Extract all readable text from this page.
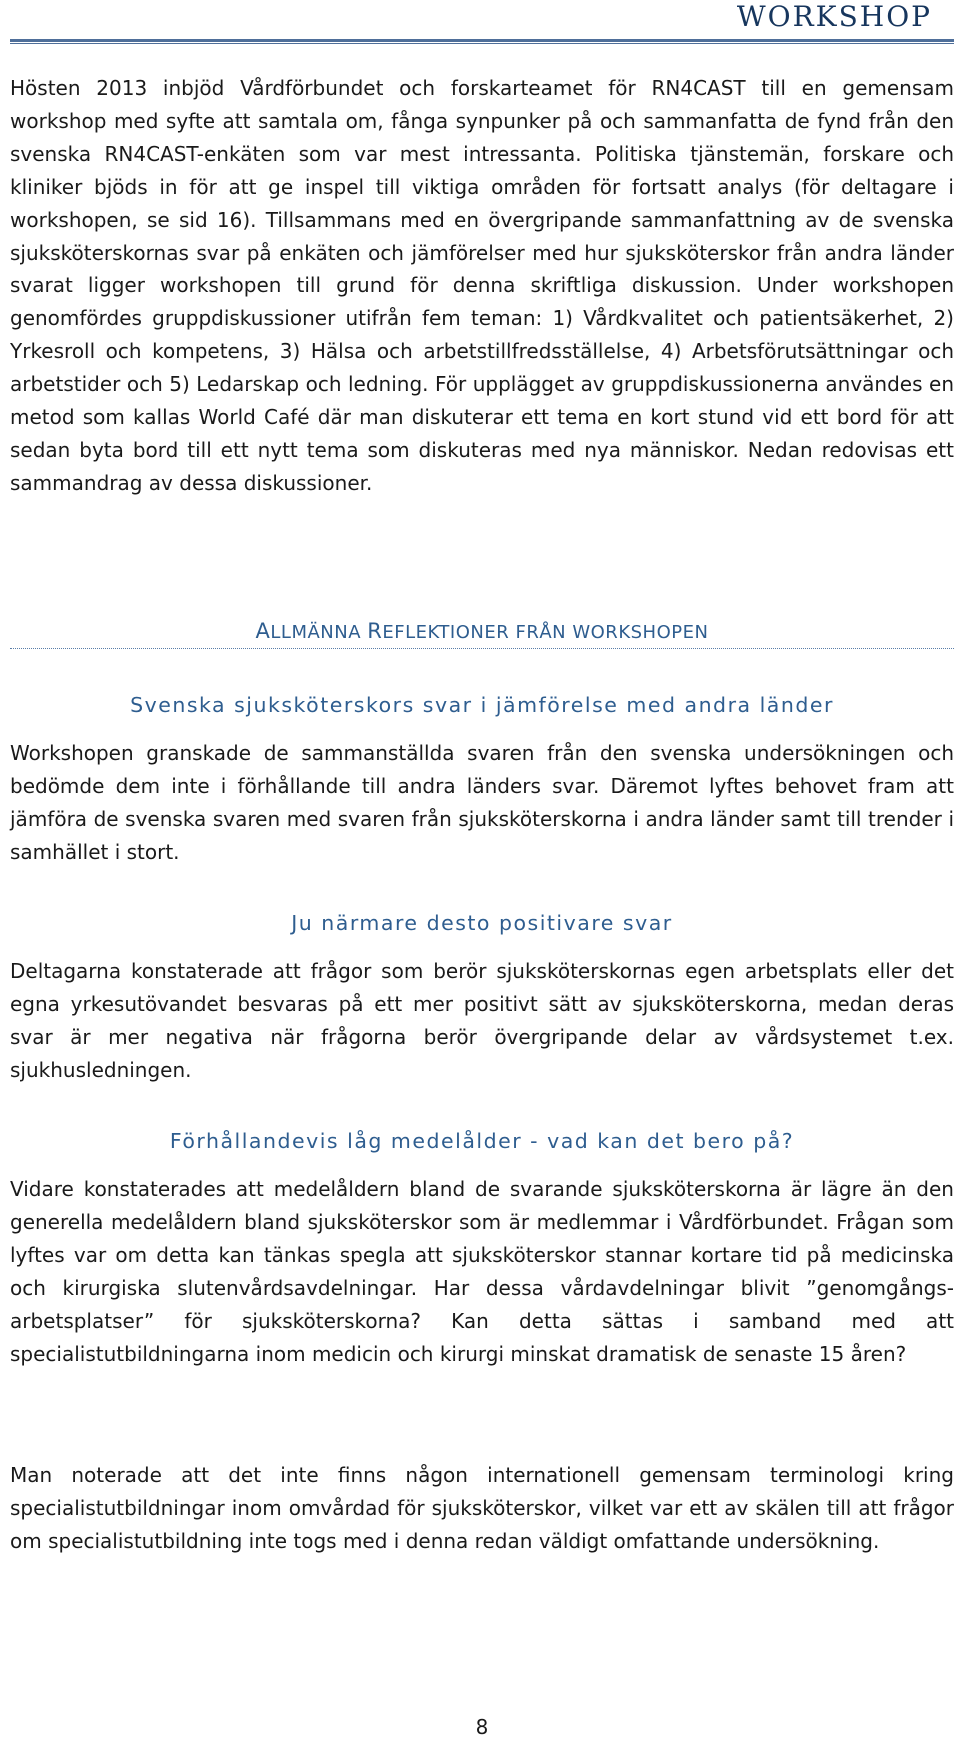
WORKSHOP

Hösten 2013 inbjöd Vårdförbundet och forskarteamet för RN4CAST till en gemensam workshop med syfte att samtala om, fånga synpunker på och sammanfatta de fynd från den svenska RN4CAST-enkäten som var mest intressanta. Politiska tjänstemän, forskare och kliniker bjöds in för att ge inspel till viktiga områden för fortsatt analys (för deltagare i workshopen, se sid 16). Tillsammans med en övergripande sammanfattning av de svenska sjuksköterskornas svar på enkäten och jämförelser med hur sjuksköterskor från andra länder svarat ligger workshopen till grund för denna skriftliga diskussion. Under workshopen genomfördes gruppdiskussioner utifrån fem teman: 1) Vårdkvalitet och patientsäkerhet, 2) Yrkesroll och kompetens, 3) Hälsa och arbetstillfredsställelse, 4) Arbetsförutsättningar och arbetstider och 5) Ledarskap och ledning. För upplägget av gruppdiskussionerna användes en metod som kallas World Café där man diskuterar ett tema en kort stund vid ett bord för att sedan byta bord till ett nytt tema som diskuteras med nya människor. Nedan redovisas ett sammandrag av dessa diskussioner.

ALLMÄNNA REFLEKTIONER FRÅN WORKSHOPEN
Svenska sjuksköterskors svar i jämförelse med andra länder

Workshopen granskade de sammanställda svaren från den svenska undersökningen och bedömde dem inte i förhållande till andra länders svar. Däremot lyftes behovet fram att jämföra de svenska svaren med svaren från sjuksköterskorna i andra länder samt till trender i samhället i stort.

Ju närmare desto positivare svar

Deltagarna konstaterade att frågor som berör sjuksköterskornas egen arbetsplats eller det egna yrkesutövandet besvaras på ett mer positivt sätt av sjuksköterskorna, medan deras svar är mer negativa när frågorna berör övergripande delar av vårdsystemet t.ex. sjukhusledningen.

Förhållandevis låg medelålder - vad kan det bero på?

Vidare konstaterades att medelåldern bland de svarande sjuksköterskorna är lägre än den generella medelåldern bland sjuksköterskor som är medlemmar i Vårdförbundet. Frågan som lyftes var om detta kan tänkas spegla att sjuksköterskor stannar kortare tid på medicinska och kirurgiska slutenvårdsavdelningar. Har dessa vårdavdelningar blivit ”genomgångs-arbetsplatser” för sjuksköterskorna? Kan detta sättas i samband med att specialistutbildningarna inom medicin och kirurgi minskat dramatisk de senaste 15 åren?

Man noterade att det inte finns någon internationell gemensam terminologi kring specialistutbildningar inom omvårdad för sjuksköterskor, vilket var ett av skälen till att frågor om specialistutbildning inte togs med i denna redan väldigt omfattande undersökning.

8
